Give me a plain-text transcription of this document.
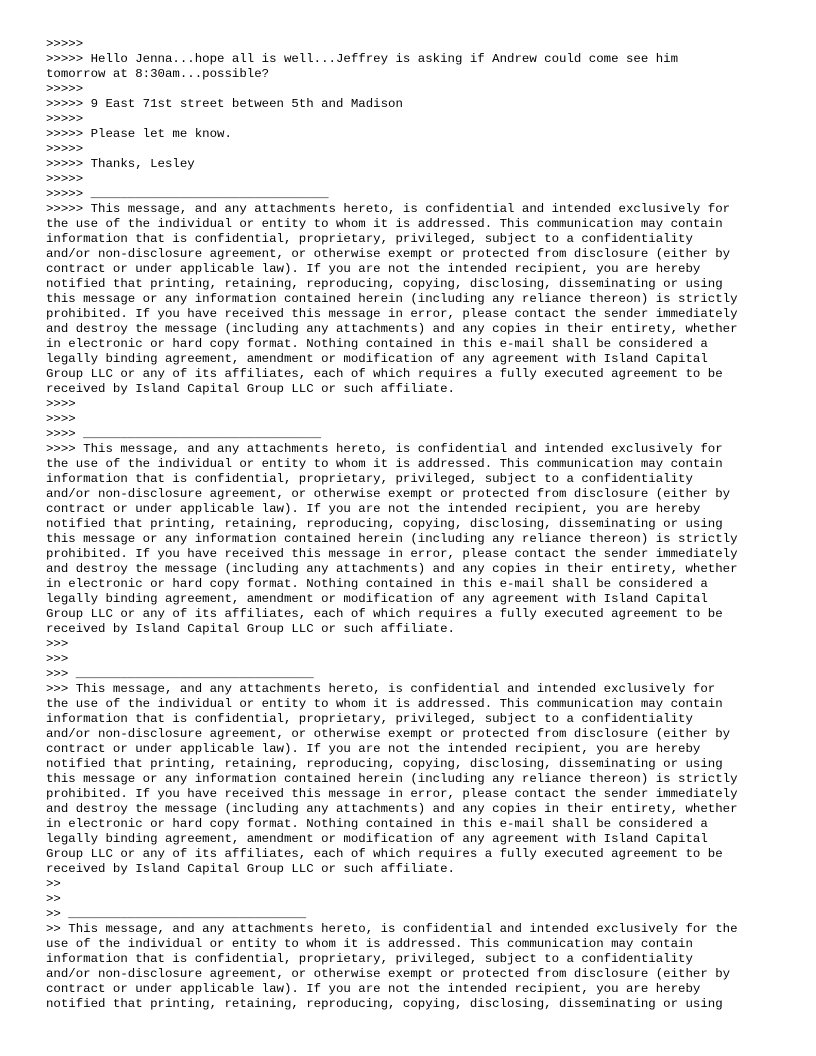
>>>>>
>>>>> Hello Jenna...hope all is well...Jeffrey is asking if Andrew could come see him
tomorrow at 8:30am...possible?
>>>>>
>>>>> 9 East 71st street between 5th and Madison
>>>>>
>>>>> Please let me know.
>>>>>
>>>>> Thanks, Lesley
>>>>>
>>>>> ________________________________
>>>>> This message, and any attachments hereto, is confidential and intended exclusively for
the use of the individual or entity to whom it is addressed. This communication may contain
information that is confidential, proprietary, privileged, subject to a confidentiality
and/or non-disclosure agreement, or otherwise exempt or protected from disclosure (either by
contract or under applicable law). If you are not the intended recipient, you are hereby
notified that printing, retaining, reproducing, copying, disclosing, disseminating or using
this message or any information contained herein (including any reliance thereon) is strictly
prohibited. If you have received this message in error, please contact the sender immediately
and destroy the message (including any attachments) and any copies in their entirety, whether
in electronic or hard copy format. Nothing contained in this e-mail shall be considered a
legally binding agreement, amendment or modification of any agreement with Island Capital
Group LLC or any of its affiliates, each of which requires a fully executed agreement to be
received by Island Capital Group LLC or such affiliate.
>>>>
>>>>
>>>> ________________________________
>>>> This message, and any attachments hereto, is confidential and intended exclusively for
the use of the individual or entity to whom it is addressed. This communication may contain
information that is confidential, proprietary, privileged, subject to a confidentiality
and/or non-disclosure agreement, or otherwise exempt or protected from disclosure (either by
contract or under applicable law). If you are not the intended recipient, you are hereby
notified that printing, retaining, reproducing, copying, disclosing, disseminating or using
this message or any information contained herein (including any reliance thereon) is strictly
prohibited. If you have received this message in error, please contact the sender immediately
and destroy the message (including any attachments) and any copies in their entirety, whether
in electronic or hard copy format. Nothing contained in this e-mail shall be considered a
legally binding agreement, amendment or modification of any agreement with Island Capital
Group LLC or any of its affiliates, each of which requires a fully executed agreement to be
received by Island Capital Group LLC or such affiliate.
>>>
>>>
>>> ________________________________
>>> This message, and any attachments hereto, is confidential and intended exclusively for
the use of the individual or entity to whom it is addressed. This communication may contain
information that is confidential, proprietary, privileged, subject to a confidentiality
and/or non-disclosure agreement, or otherwise exempt or protected from disclosure (either by
contract or under applicable law). If you are not the intended recipient, you are hereby
notified that printing, retaining, reproducing, copying, disclosing, disseminating or using
this message or any information contained herein (including any reliance thereon) is strictly
prohibited. If you have received this message in error, please contact the sender immediately
and destroy the message (including any attachments) and any copies in their entirety, whether
in electronic or hard copy format. Nothing contained in this e-mail shall be considered a
legally binding agreement, amendment or modification of any agreement with Island Capital
Group LLC or any of its affiliates, each of which requires a fully executed agreement to be
received by Island Capital Group LLC or such affiliate.
>>
>>
>> ________________________________
>> This message, and any attachments hereto, is confidential and intended exclusively for the
use of the individual or entity to whom it is addressed. This communication may contain
information that is confidential, proprietary, privileged, subject to a confidentiality
and/or non-disclosure agreement, or otherwise exempt or protected from disclosure (either by
contract or under applicable law). If you are not the intended recipient, you are hereby
notified that printing, retaining, reproducing, copying, disclosing, disseminating or using
